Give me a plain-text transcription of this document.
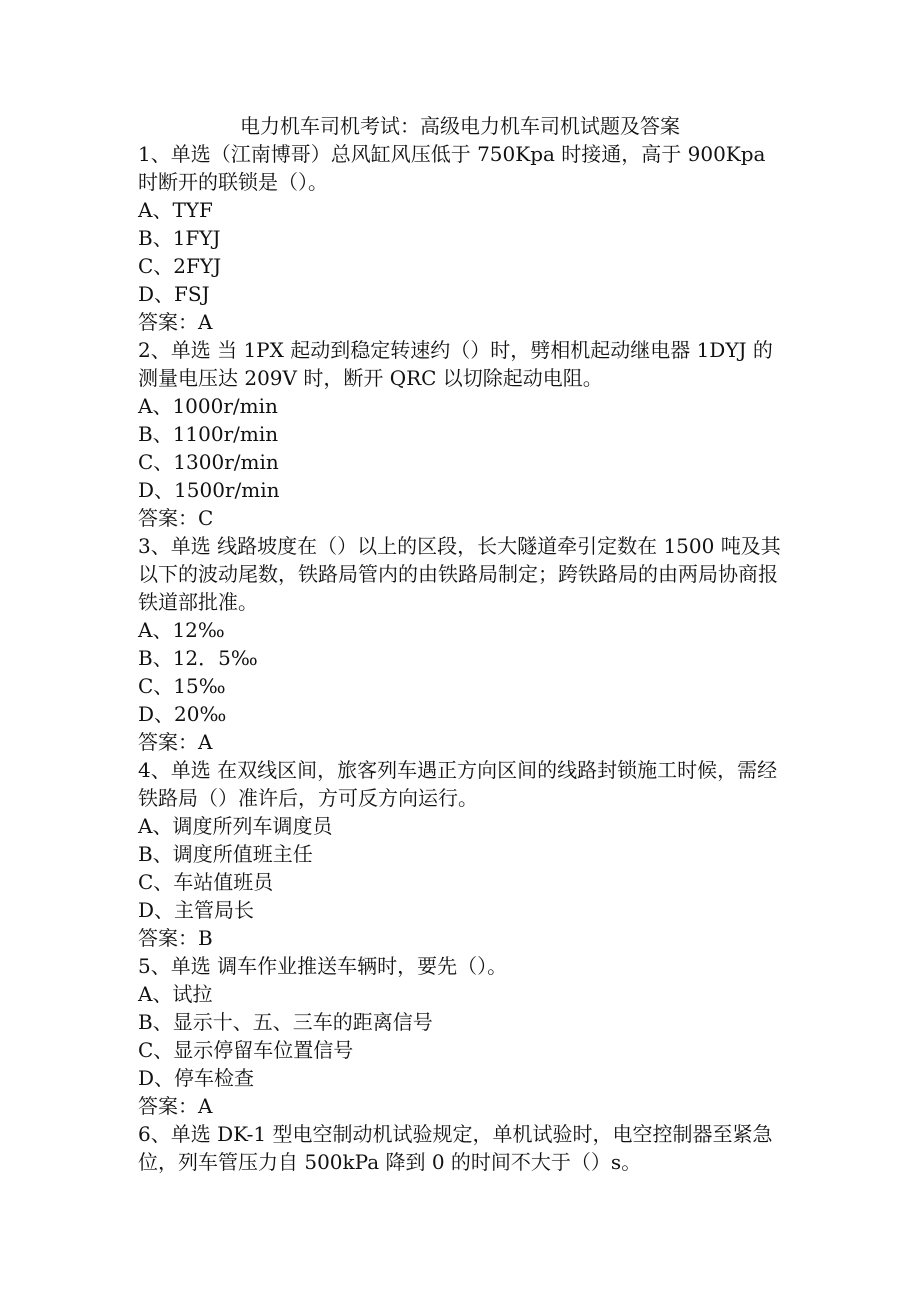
电力机车司机考试：高级电力机车司机试题及答案

1、单选（江南博哥）总风缸风压低于 750Kpa 时接通，高于 900Kpa 时断开的联锁是（）。

A、TYF

B、1FYJ

C、2FYJ

D、FSJ

答案：A

2、单选 当 1PX 起动到稳定转速约（）时，劈相机起动继电器 1DYJ 的测量电压达 209V 时，断开 QRC 以切除起动电阻。

A、1000r/min

B、1100r/min

C、1300r/min

D、1500r/min

答案：C

3、单选 线路坡度在（）以上的区段，长大隧道牵引定数在 1500 吨及其以下的波动尾数，铁路局管内的由铁路局制定；跨铁路局的由两局协商报铁道部批准。

A、12‰

B、12．5‰

C、15‰

D、20‰

答案：A

4、单选 在双线区间，旅客列车遇正方向区间的线路封锁施工时候，需经铁路局（）准许后，方可反方向运行。

A、调度所列车调度员

B、调度所值班主任

C、车站值班员

D、主管局长

答案：B

5、单选 调车作业推送车辆时，要先（）。

A、试拉

B、显示十、五、三车的距离信号

C、显示停留车位置信号

D、停车检查

答案：A

6、单选 DK-1 型电空制动机试验规定，单机试验时，电空控制器至紧急位，列车管压力自 500kPa 降到 0 的时间不大于（）s。
